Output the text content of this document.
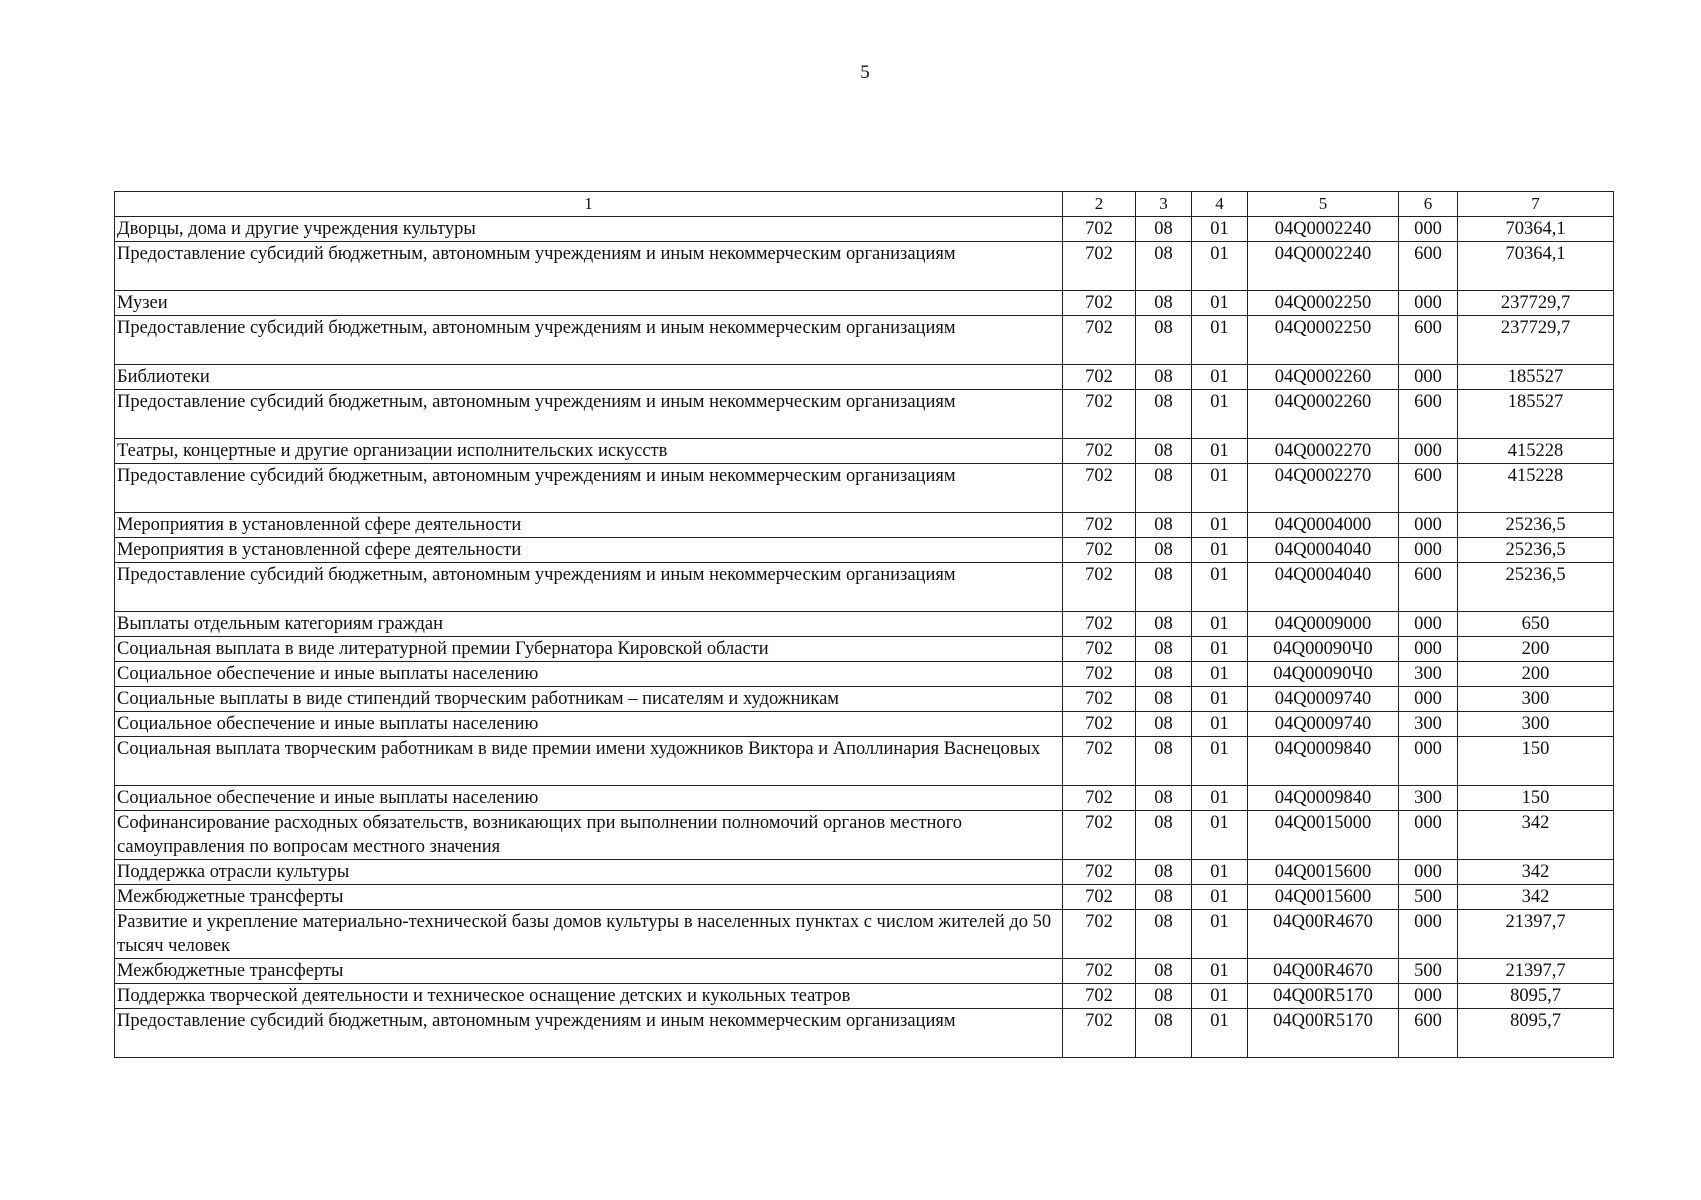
5
1	2	3	4	5	6	7
Дворцы, дома и другие учреждения культуры	702	08	01	04Q0002240	000	70364,1
Предоставление субсидий бюджетным, автономным учреждениям и иным некоммерческим организациям	702	08	01	04Q0002240	600	70364,1
Музеи	702	08	01	04Q0002250	000	237729,7
Предоставление субсидий бюджетным, автономным учреждениям и иным некоммерческим организациям	702	08	01	04Q0002250	600	237729,7
Библиотеки	702	08	01	04Q0002260	000	185527
Предоставление субсидий бюджетным, автономным учреждениям и иным некоммерческим организациям	702	08	01	04Q0002260	600	185527
Театры, концертные и другие организации исполнительских искусств	702	08	01	04Q0002270	000	415228
Предоставление субсидий бюджетным, автономным учреждениям и иным некоммерческим организациям	702	08	01	04Q0002270	600	415228
Мероприятия в установленной сфере деятельности	702	08	01	04Q0004000	000	25236,5
Мероприятия в установленной сфере деятельности	702	08	01	04Q0004040	000	25236,5
Предоставление субсидий бюджетным, автономным учреждениям и иным некоммерческим организациям	702	08	01	04Q0004040	600	25236,5
Выплаты отдельным категориям граждан	702	08	01	04Q0009000	000	650
Социальная выплата в виде литературной премии Губернатора Кировской области	702	08	01	04Q00090Ч0	000	200
Социальное обеспечение и иные выплаты населению	702	08	01	04Q00090Ч0	300	200
Социальные выплаты в виде стипендий творческим работникам – писателям и художникам	702	08	01	04Q0009740	000	300
Социальное обеспечение и иные выплаты населению	702	08	01	04Q0009740	300	300
Социальная выплата творческим работникам в виде премии имени художников Виктора и Аполлинария Васнецовых	702	08	01	04Q0009840	000	150
Социальное обеспечение и иные выплаты населению	702	08	01	04Q0009840	300	150
Софинансирование расходных обязательств, возникающих при выполнении полномочий органов местного самоуправления по вопросам местного значения	702	08	01	04Q0015000	000	342
Поддержка отрасли культуры	702	08	01	04Q0015600	000	342
Межбюджетные трансферты	702	08	01	04Q0015600	500	342
Развитие и укрепление материально-технической базы домов культуры в населенных пунктах с числом жителей до 50 тысяч человек	702	08	01	04Q00R4670	000	21397,7
Межбюджетные трансферты	702	08	01	04Q00R4670	500	21397,7
Поддержка творческой деятельности и техническое оснащение детских и кукольных театров	702	08	01	04Q00R5170	000	8095,7
Предоставление субсидий бюджетным, автономным учреждениям и иным некоммерческим организациям	702	08	01	04Q00R5170	600	8095,7
